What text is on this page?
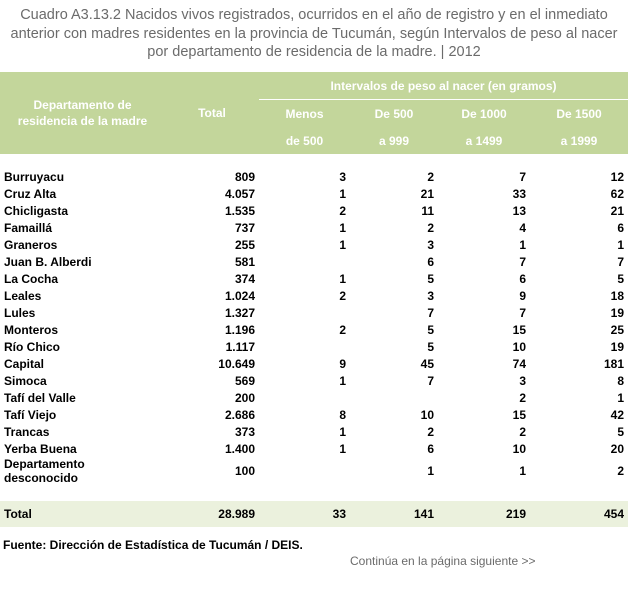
Cuadro A3.13.2 Nacidos vivos registrados, ocurridos en el año de registro y en el inmediato
anterior con madres residentes en la provincia de Tucumán, según Intervalos de peso al nacer
por departamento de residencia de la madre. | 2012
Departamento de
residencia de la madre	Total	Intervalos de peso al nacer (en gramos)			
		Menos	De 500	De 1000	De 1500
		de 500	a 999	a 1499	a 1999

Burruyacu	809	3	2	7	12
Cruz Alta	4.057	1	21	33	62
Chicligasta	1.535	2	11	13	21
Famaillá	737	1	2	4	6
Graneros	255	1	3	1	1
Juan B. Alberdi	581		6	7	7
La Cocha	374	1	5	6	5
Leales	1.024	2	3	9	18
Lules	1.327		7	7	19
Monteros	1.196	2	5	15	25
Río Chico	1.117		5	10	19
Capital	10.649	9	45	74	181
Simoca	569	1	7	3	8
Tafí del Valle	200			2	1
Tafí Viejo	2.686	8	10	15	42
Trancas	373	1	2	2	5
Yerba Buena	1.400	1	6	10	20
Departamento desconocido	100		1	1	2

Total	28.989	33	141	219	454
Fuente: Dirección de Estadística de Tucumán / DEIS.
Continúa en la página siguiente >>
